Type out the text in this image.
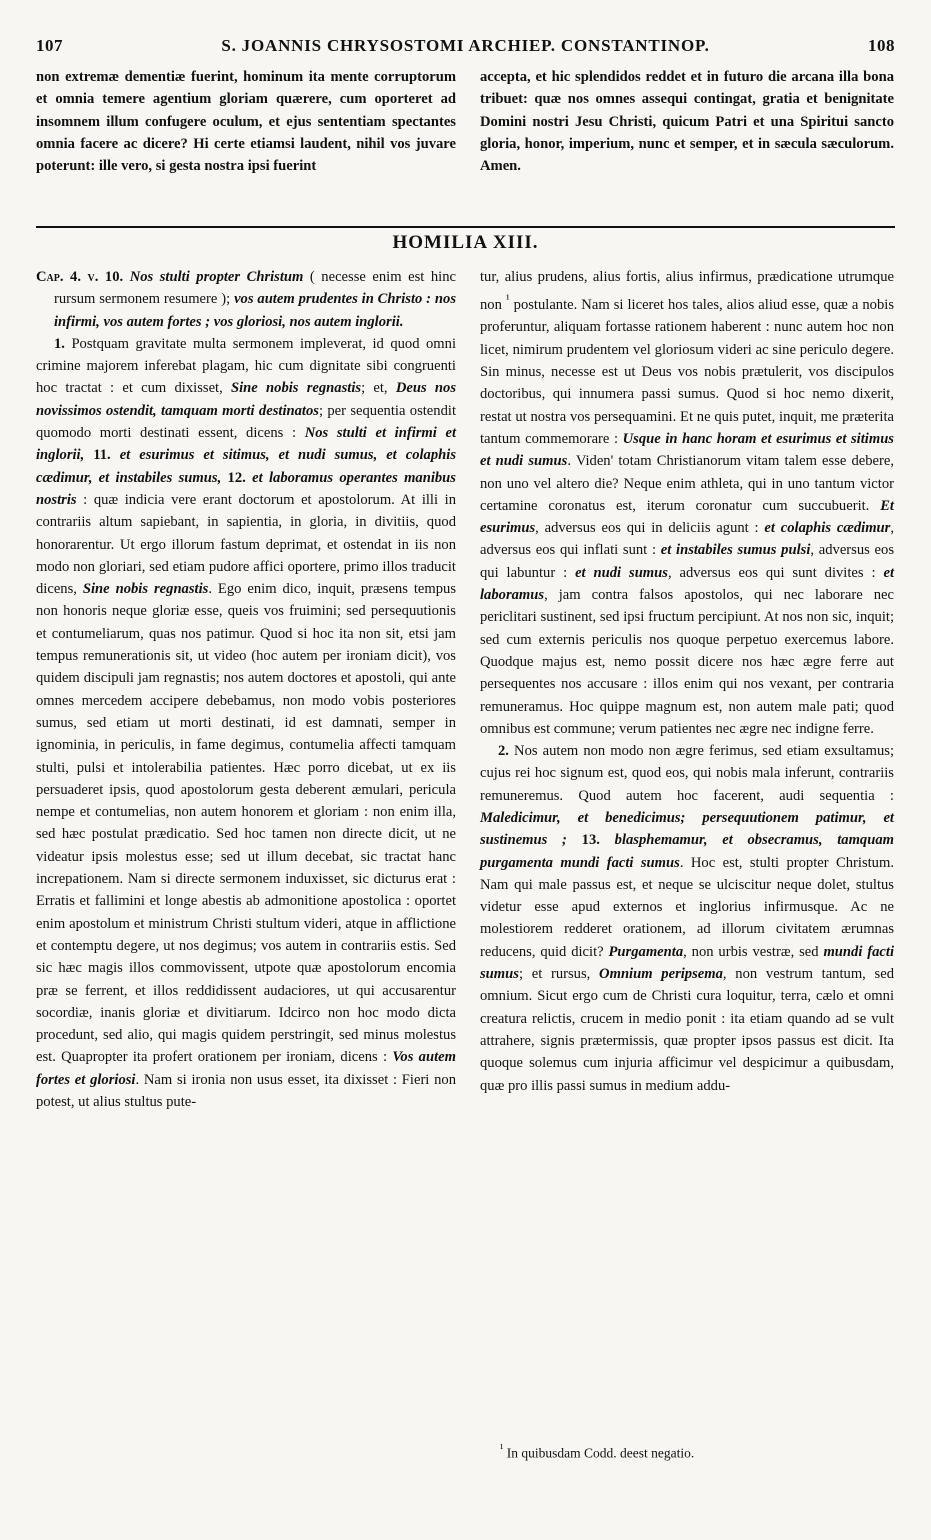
107	S. JOANNIS CHRYSOSTOMI ARCHIEP. CONSTANTINOP.	108

non extremæ dementiæ fuerint, hominum ita mente corruptorum et omnia temere agentium gloriam quærere, cum oporteret ad insomnem illum confugere oculum, et ejus sententiam spectantes omnia facere ac dicere? Hi certe etiamsi laudent, nihil vos juvare poterunt: ille vero, si gesta nostra ipsi fuerint

accepta, et hic splendidos reddet et in futuro die arcana illa bona tribuet: quæ nos omnes assequi contingat, gratia et benignitate Domini nostri Jesu Christi, quicum Patri et una Spiritui sancto gloria, honor, imperium, nunc et semper, et in sæcula sæculorum. Amen.

HOMILIA XIII.

Cap. 4. v. 10. Nos stulti propter Christum ( necesse enim est hinc rursum sermonem resumere ); vos autem prudentes in Christo : nos infirmi, vos autem fortes ; vos gloriosi, nos autem inglorii.

1. Postquam gravitate multa sermonem impleverat, id quod omni crimine majorem inferebat plagam, hic cum dignitate sibi congruenti hoc tractat : et cum dixisset, Sine nobis regnastis; et, Deus nos novissimos ostendit, tamquam morti destinatos; per sequentia ostendit quomodo morti destinati essent, dicens : Nos stulti et infirmi et inglorii, 11. et esurimus et sitimus, et nudi sumus, et colaphis cædimur, et instabiles sumus, 12. et laboramus operantes manibus nostris : quæ indicia vere erant doctorum et apostolorum. At illi in contrariis altum sapiebant, in sapientia, in gloria, in divitiis, quod honorarentur. Ut ergo illorum fastum deprimat, et ostendat in iis non modo non gloriari, sed etiam pudore affici oportere, primo illos traducit dicens, Sine nobis regnastis. Ego enim dico, inquit, præsens tempus non honoris neque gloriæ esse, queis vos fruimini; sed persequutionis et contumeliarum, quas nos patimur. Quod si hoc ita non sit, etsi jam tempus remunerationis sit, ut video (hoc autem per ironiam dicit), vos quidem discipuli jam regnastis; nos autem doctores et apostoli, qui ante omnes mercedem accipere debebamus, non modo vobis posteriores sumus, sed etiam ut morti destinati, id est damnati, semper in ignominia, in periculis, in fame degimus, contumelia affecti tamquam stulti, pulsi et intolerabilia patientes. Hæc porro dicebat, ut ex iis persuaderet ipsis, quod apostolorum gesta deberent æmulari, pericula nempe et contumelias, non autem honorem et gloriam : non enim illa, sed hæc postulat prædicatio. Sed hoc tamen non directe dicit, ut ne videatur ipsis molestus esse; sed ut illum decebat, sic tractat hanc increpationem. Nam si directe sermonem induxisset, sic dicturus erat : Erratis et fallimini et longe abestis ab admonitione apostolica : oportet enim apostolum et ministrum Christi stultum videri, atque in afflictione et contemptu degere, ut nos degimus; vos autem in contrariis estis. Sed sic hæc magis illos commovissent, utpote quæ apostolorum encomia præ se ferrent, et illos reddidissent audaciores, ut qui accusarentur socordiæ, inanis gloriæ et divitiarum. Idcirco non hoc modo dicta procedunt, sed alio, qui magis quidem perstringit, sed minus molestus est. Quapropter ita profert orationem per ironiam, dicens : Vos autem fortes et gloriosi. Nam si ironia non usus esset, ita dixisset : Fieri non potest, ut alius stultus pute-

tur, alius prudens, alius fortis, alius infirmus, prædicatione utrumque non $^{^1}$ postulante. Nam si liceret hos tales, alios aliud esse, quæ a nobis proferuntur, aliquam fortasse rationem haberent : nunc autem hoc non licet, nimirum prudentem vel gloriosum videri ac sine periculo degere. Sin minus, necesse est ut Deus vos nobis prætulerit, vos discipulos doctoribus, qui innumera passi sumus. Quod si hoc nemo dixerit, restat ut nostra vos persequamini. Et ne quis putet, inquit, me præterita tantum commemorare : Usque in hanc horam et esurimus et sitimus et nudi sumus. Viden' totam Christianorum vitam talem esse debere, non uno vel altero die? Neque enim athleta, qui in uno tantum victor certamine coronatus est, iterum coronatur cum succubuerit. Et esurimus, adversus eos qui in deliciis agunt : et colaphis cædimur, adversus eos qui inflati sunt : et instabiles sumus pulsi, adversus eos qui labuntur : et nudi sumus, adversus eos qui sunt divites : et laboramus, jam contra falsos apostolos, qui nec laborare nec periclitari sustinent, sed ipsi fructum percipiunt. At nos non sic, inquit; sed cum externis periculis nos quoque perpetuo exercemus labore. Quodque majus est, nemo possit dicere nos hæc ægre ferre aut persequentes nos accusare : illos enim qui nos vexant, per contraria remuneramus. Hoc quippe magnum est, non autem male pati; quod omnibus est commune; verum patientes nec ægre nec indigne ferre.

2. Nos autem non modo non ægre ferimus, sed etiam exsultamus; cujus rei hoc signum est, quod eos, qui nobis mala inferunt, contrariis remuneremus. Quod autem hoc facerent, audi sequentia : Maledicimur, et benedicimus; persequutionem patimur, et sustinemus ; 13. blasphemamur, et obsecramus, tamquam purgamenta mundi facti sumus. Hoc est, stulti propter Christum. Nam qui male passus est, et neque se ulciscitur neque dolet, stultus videtur esse apud externos et inglorius infirmusque. Ac ne molestiorem redderet orationem, ad illorum civitatem ærumnas reducens, quid dicit? Purgamenta, non urbis vestræ, sed mundi facti sumus; et rursus, Omnium peripsema, non vestrum tantum, sed omnium. Sicut ergo cum de Christi cura loquitur, terra, cælo et omni creatura relictis, crucem in medio ponit : ita etiam quando ad se vult attrahere, signis prætermissis, quæ propter ipsos passus est dicit. Ita quoque solemus cum injuria afficimur vel despicimur a quibusdam, quæ pro illis passi sumus in medium addu-

$^{^1}$ In quibusdam Codd. deest negatio.
